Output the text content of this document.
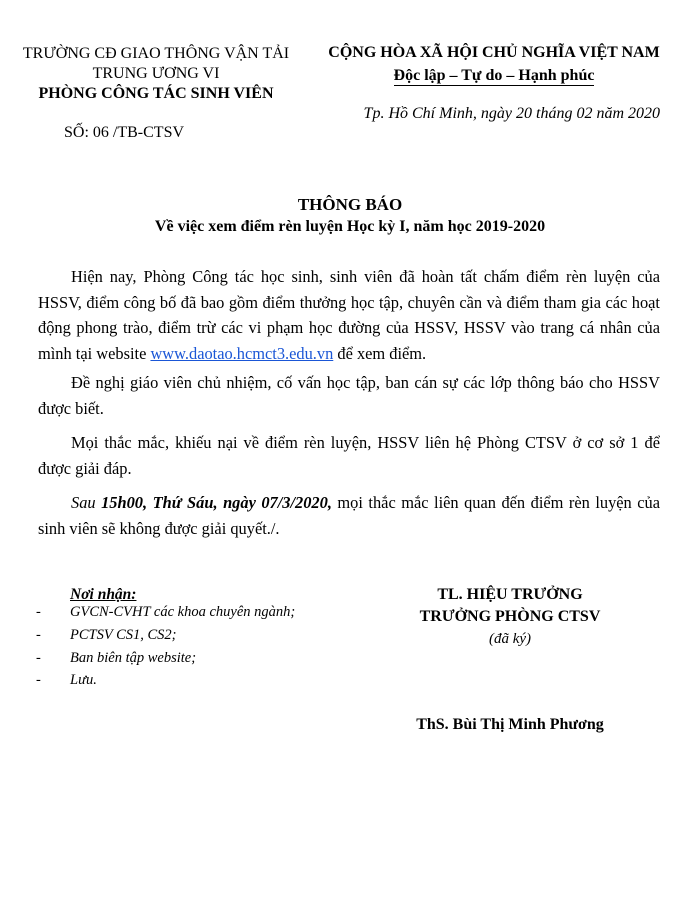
TRƯỜNG CĐ GIAO THÔNG VẬN TẢI
TRUNG ƯƠNG VI
PHÒNG CÔNG TÁC SINH VIÊN
CỘNG HÒA XÃ HỘI CHỦ NGHĨA VIỆT NAM
Độc lập – Tự do – Hạnh phúc
Tp. Hồ Chí Minh, ngày 20 tháng 02 năm 2020
SỐ: 06 /TB-CTSV
THÔNG BÁO
Về việc xem điểm rèn luyện Học kỳ I, năm học 2019-2020

Hiện nay, Phòng Công tác học sinh, sinh viên đã hoàn tất chấm điểm rèn luyện của HSSV, điểm công bố đã bao gồm điểm thưởng học tập, chuyên cần và điểm tham gia các hoạt động phong trào, điểm trừ các vi phạm học đường của HSSV, HSSV vào trang cá nhân của mình tại website www.daotao.hcmct3.edu.vn để xem điểm.

Đề nghị giáo viên chủ nhiệm, cố vấn học tập, ban cán sự các lớp thông báo cho HSSV được biết.

Mọi thắc mắc, khiếu nại về điểm rèn luyện, HSSV liên hệ Phòng CTSV ở cơ sở 1 để được giải đáp.

Sau 15h00, Thứ Sáu, ngày 07/3/2020, mọi thắc mắc liên quan đến điểm rèn luyện của sinh viên sẽ không được giải quyết./.

Nơi nhận:
- GVCN-CVHT các khoa chuyên ngành;
- PCTSV CS1, CS2;
- Ban biên tập website;
- Lưu.
TL. HIỆU TRƯỞNG
TRƯỞNG PHÒNG CTSV
(đã ký)
ThS. Bùi Thị Minh Phương
